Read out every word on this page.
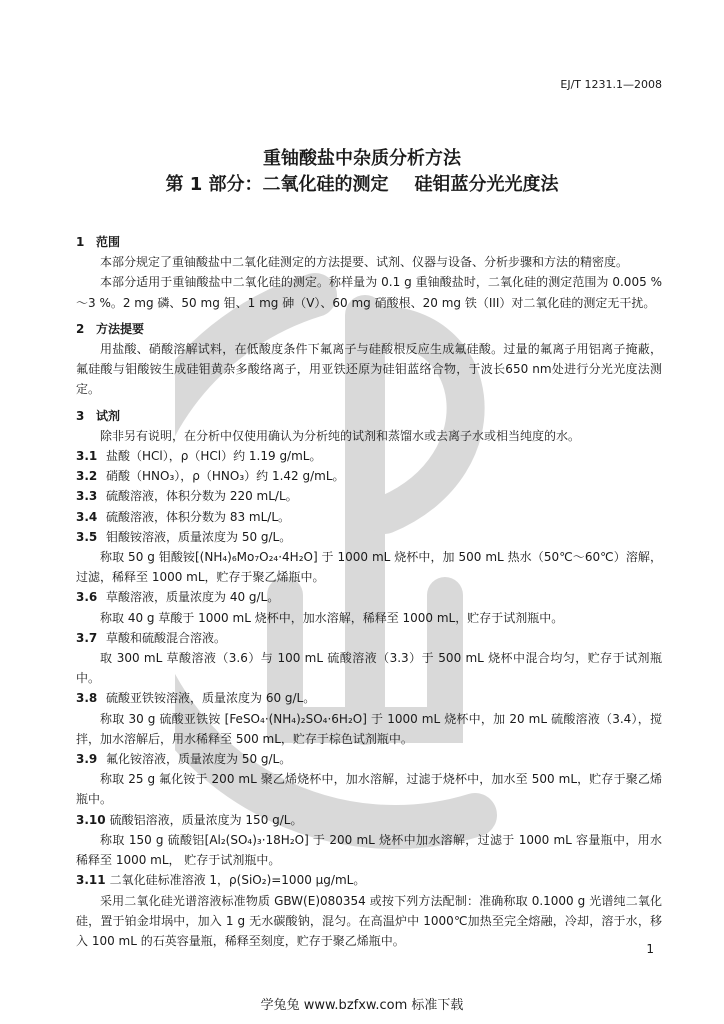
EJ/T 1231.1—2008
重铀酸盐中杂质分析方法
第 1 部分：二氧化硅的测定 硅钼蓝分光光度法
1 范围
本部分规定了重铀酸盐中二氧化硅测定的方法提要、试剂、仪器与设备、分析步骤和方法的精密度。
本部分适用于重铀酸盐中二氧化硅的测定。称样量为 0.1 g 重铀酸盐时，二氧化硅的测定范围为 0.005 %～3 %。2 mg 磷、50 mg 钼、1 mg 砷（V）、60 mg 硝酸根、20 mg 铁（III）对二氧化硅的测定无干扰。
2 方法提要
用盐酸、硝酸溶解试料，在低酸度条件下氟离子与硅酸根反应生成氟硅酸。过量的氟离子用铝离子掩蔽，氟硅酸与钼酸铵生成硅钼黄杂多酸络离子，用亚铁还原为硅钼蓝络合物，于波长650 nm处进行分光光度法测定。
3 试剂
除非另有说明，在分析中仅使用确认为分析纯的试剂和蒸馏水或去离子水或相当纯度的水。
3.1 盐酸（HCl），ρ（HCl）约 1.19 g/mL。
3.2 硝酸（HNO₃），ρ（HNO₃）约 1.42 g/mL。
3.3 硫酸溶液，体积分数为 220 mL/L。
3.4 硫酸溶液，体积分数为 83 mL/L。
3.5 钼酸铵溶液，质量浓度为 50 g/L。
称取 50 g 钼酸铵[(NH₄)₆Mo₇O₂₄·4H₂O] 于 1000 mL 烧杯中，加 500 mL 热水（50℃～60℃）溶解，过滤，稀释至 1000 mL，贮存于聚乙烯瓶中。
3.6 草酸溶液，质量浓度为 40 g/L。
称取 40 g 草酸于 1000 mL 烧杯中，加水溶解，稀释至 1000 mL，贮存于试剂瓶中。
3.7 草酸和硫酸混合溶液。
取 300 mL 草酸溶液（3.6）与 100 mL 硫酸溶液（3.3）于 500 mL 烧杯中混合均匀，贮存于试剂瓶中。
3.8 硫酸亚铁铵溶液，质量浓度为 60 g/L。
称取 30 g 硫酸亚铁铵 [FeSO₄·(NH₄)₂SO₄·6H₂O] 于 1000 mL 烧杯中，加 20 mL 硫酸溶液（3.4），搅拌，加水溶解后，用水稀释至 500 mL，贮存于棕色试剂瓶中。
3.9 氟化铵溶液，质量浓度为 50 g/L。
称取 25 g 氟化铵于 200 mL 聚乙烯烧杯中，加水溶解，过滤于烧杯中，加水至 500 mL，贮存于聚乙烯瓶中。
3.10 硫酸铝溶液，质量浓度为 150 g/L。
称取 150 g 硫酸铝[Al₂(SO₄)₃·18H₂O] 于 200 mL 烧杯中加水溶解，过滤于 1000 mL 容量瓶中，用水稀释至 1000 mL， 贮存于试剂瓶中。
3.11 二氧化硅标准溶液 1，ρ(SiO₂)=1000 μg/mL。
采用二氧化硅光谱溶液标准物质 GBW(E)080354 或按下列方法配制：准确称取 0.1000 g 光谱纯二氧化硅，置于铂金坩埚中，加入 1 g 无水碳酸钠，混匀。在高温炉中 1000℃加热至完全熔融，冷却，溶于水，移入 100 mL 的石英容量瓶，稀释至刻度，贮存于聚乙烯瓶中。
1
学兔兔 www.bzfxw.com 标准下载
